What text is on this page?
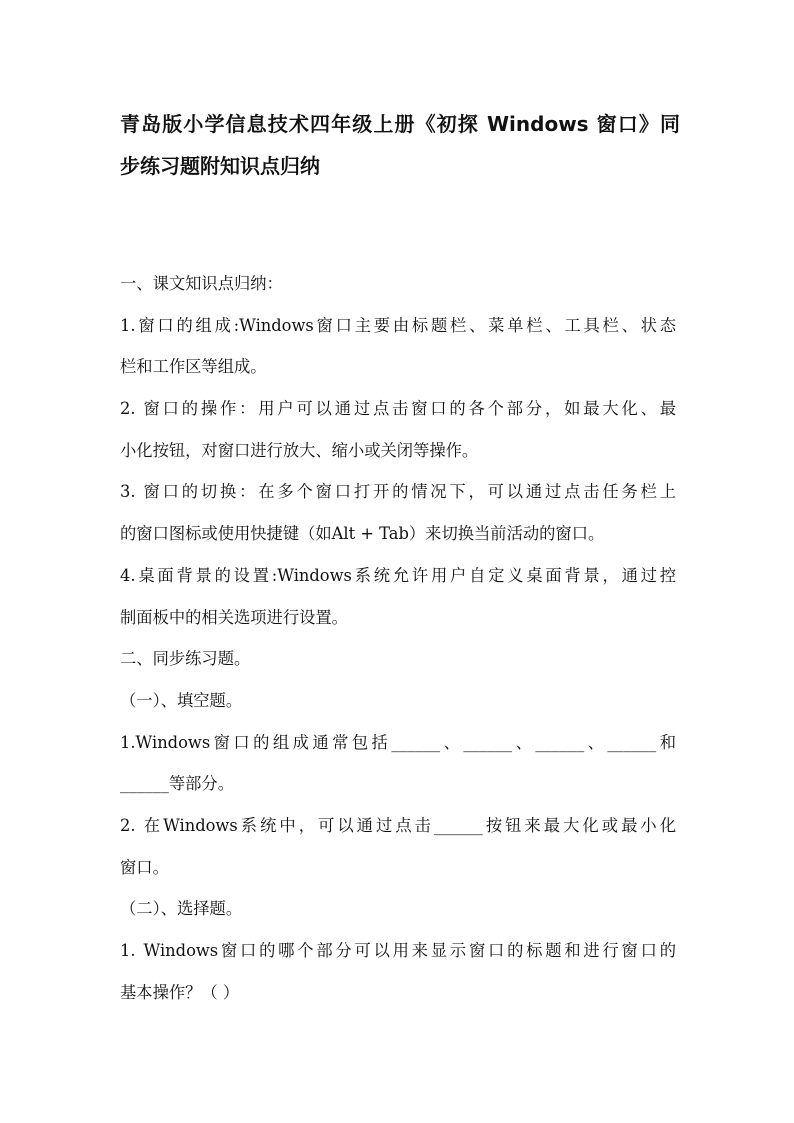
青岛版小学信息技术四年级上册《初探 Windows 窗口》同
步练习题附知识点归纳

一、课文知识点归纳：

1.窗口的组成:Windows窗口主要由标题栏、菜单栏、工具栏、状态
栏和工作区等组成。

2. 窗口的操作：用户可以通过点击窗口的各个部分，如最大化、最
小化按钮，对窗口进行放大、缩小或关闭等操作。

3. 窗口的切换：在多个窗口打开的情况下，可以通过点击任务栏上
的窗口图标或使用快捷键（如Alt + Tab）来切换当前活动的窗口。

4.桌面背景的设置:Windows系统允许用户自定义桌面背景，通过控
制面板中的相关选项进行设置。

二、同步练习题。

（一）、填空题。

1.Windows窗口的组成通常包括______、______、______、______和
______等部分。

2. 在Windows系统中，可以通过点击______按钮来最大化或最小化
窗口。

（二）、选择题。

1. Windows窗口的哪个部分可以用来显示窗口的标题和进行窗口的
基本操作？（ ）
